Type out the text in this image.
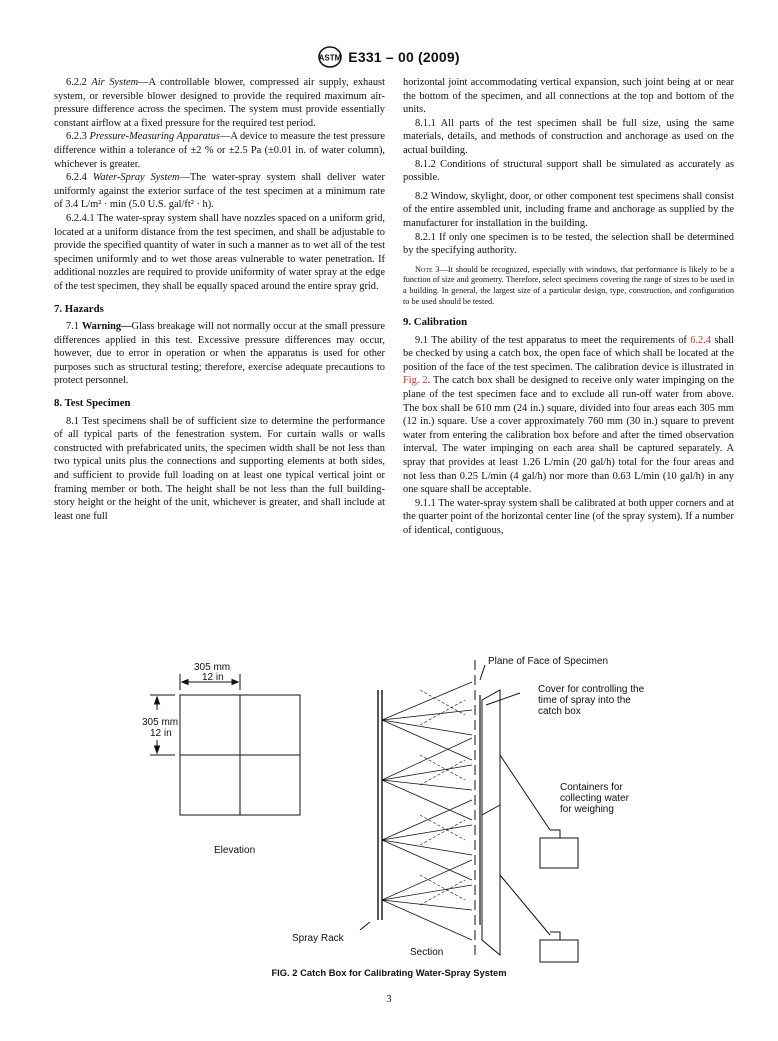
ASTM E331 – 00 (2009)

6.2.2 Air System—A controllable blower, compressed air supply, exhaust system, or reversible blower designed to provide the required maximum air-pressure difference across the specimen. The system must provide essentially constant airflow at a fixed pressure for the required test period.

6.2.3 Pressure-Measuring Apparatus—A device to measure the test pressure difference within a tolerance of ±2 % or ±2.5 Pa (±0.01 in. of water column), whichever is greater.

6.2.4 Water-Spray System—The water-spray system shall deliver water uniformly against the exterior surface of the test specimen at a minimum rate of 3.4 L/m² · min (5.0 U.S. gal/ft² · h).

6.2.4.1 The water-spray system shall have nozzles spaced on a uniform grid, located at a uniform distance from the test specimen, and shall be adjustable to provide the specified quantity of water in such a manner as to wet all of the test specimen uniformly and to wet those areas vulnerable to water penetration. If additional nozzles are required to provide uniformity of water spray at the edge of the test specimen, they shall be equally spaced around the entire spray grid.

7. Hazards

7.1 Warning—Glass breakage will not normally occur at the small pressure differences applied in this test. Excessive pressure differences may occur, however, due to error in operation or when the apparatus is used for other purposes such as structural testing; therefore, exercise adequate precautions to protect personnel.

8. Test Specimen

8.1 Test specimens shall be of sufficient size to determine the performance of all typical parts of the fenestration system. For curtain walls or walls constructed with prefabricated units, the specimen width shall be not less than two typical units plus the connections and supporting elements at both sides, and sufficient to provide full loading on at least one typical vertical joint or framing member or both. The height shall be not less than the full building-story height or the height of the unit, whichever is greater, and shall include at least one full

horizontal joint accommodating vertical expansion, such joint being at or near the bottom of the specimen, and all connections at the top and bottom of the units.

8.1.1 All parts of the test specimen shall be full size, using the same materials, details, and methods of construction and anchorage as used on the actual building.

8.1.2 Conditions of structural support shall be simulated as accurately as possible.

8.2 Window, skylight, door, or other component test specimens shall consist of the entire assembled unit, including frame and anchorage as supplied by the manufacturer for installation in the building.

8.2.1 If only one specimen is to be tested, the selection shall be determined by the specifying authority.

Note 3—It should be recognized, especially with windows, that performance is likely to be a function of size and geometry. Therefore, select specimens covering the range of sizes to be used in a building. In general, the largest size of a particular design, type, construction, and configuration to be used should be tested.

9. Calibration

9.1 The ability of the test apparatus to meet the requirements of 6.2.4 shall be checked by using a catch box, the open face of which shall be located at the position of the face of the test specimen. The calibration device is illustrated in Fig. 2. The catch box shall be designed to receive only water impinging on the plane of the test specimen face and to exclude all run-off water from above. The box shall be 610 mm (24 in.) square, divided into four areas each 305 mm (12 in.) square. Use a cover approximately 760 mm (30 in.) square to prevent water from entering the calibration box before and after the timed observation interval. The water impinging on each area shall be captured separately. A spray that provides at least 1.26 L/min (20 gal/h) total for the four areas and not less than 0.25 L/min (4 gal/h) nor more than 0.63 L/min (10 gal/h) in any one square shall be acceptable.

9.1.1 The water-spray system shall be calibrated at both upper corners and at the quarter point of the horizontal center line (of the spray system). If a number of identical, contiguous,

305 mm
12 in
305 mm
12 in
Elevation
Plane of Face of Specimen
Cover for controlling the time of spray into the catch box
Containers for collecting water for weighing
Spray Rack
Section
FIG. 2 Catch Box for Calibrating Water-Spray System
3
